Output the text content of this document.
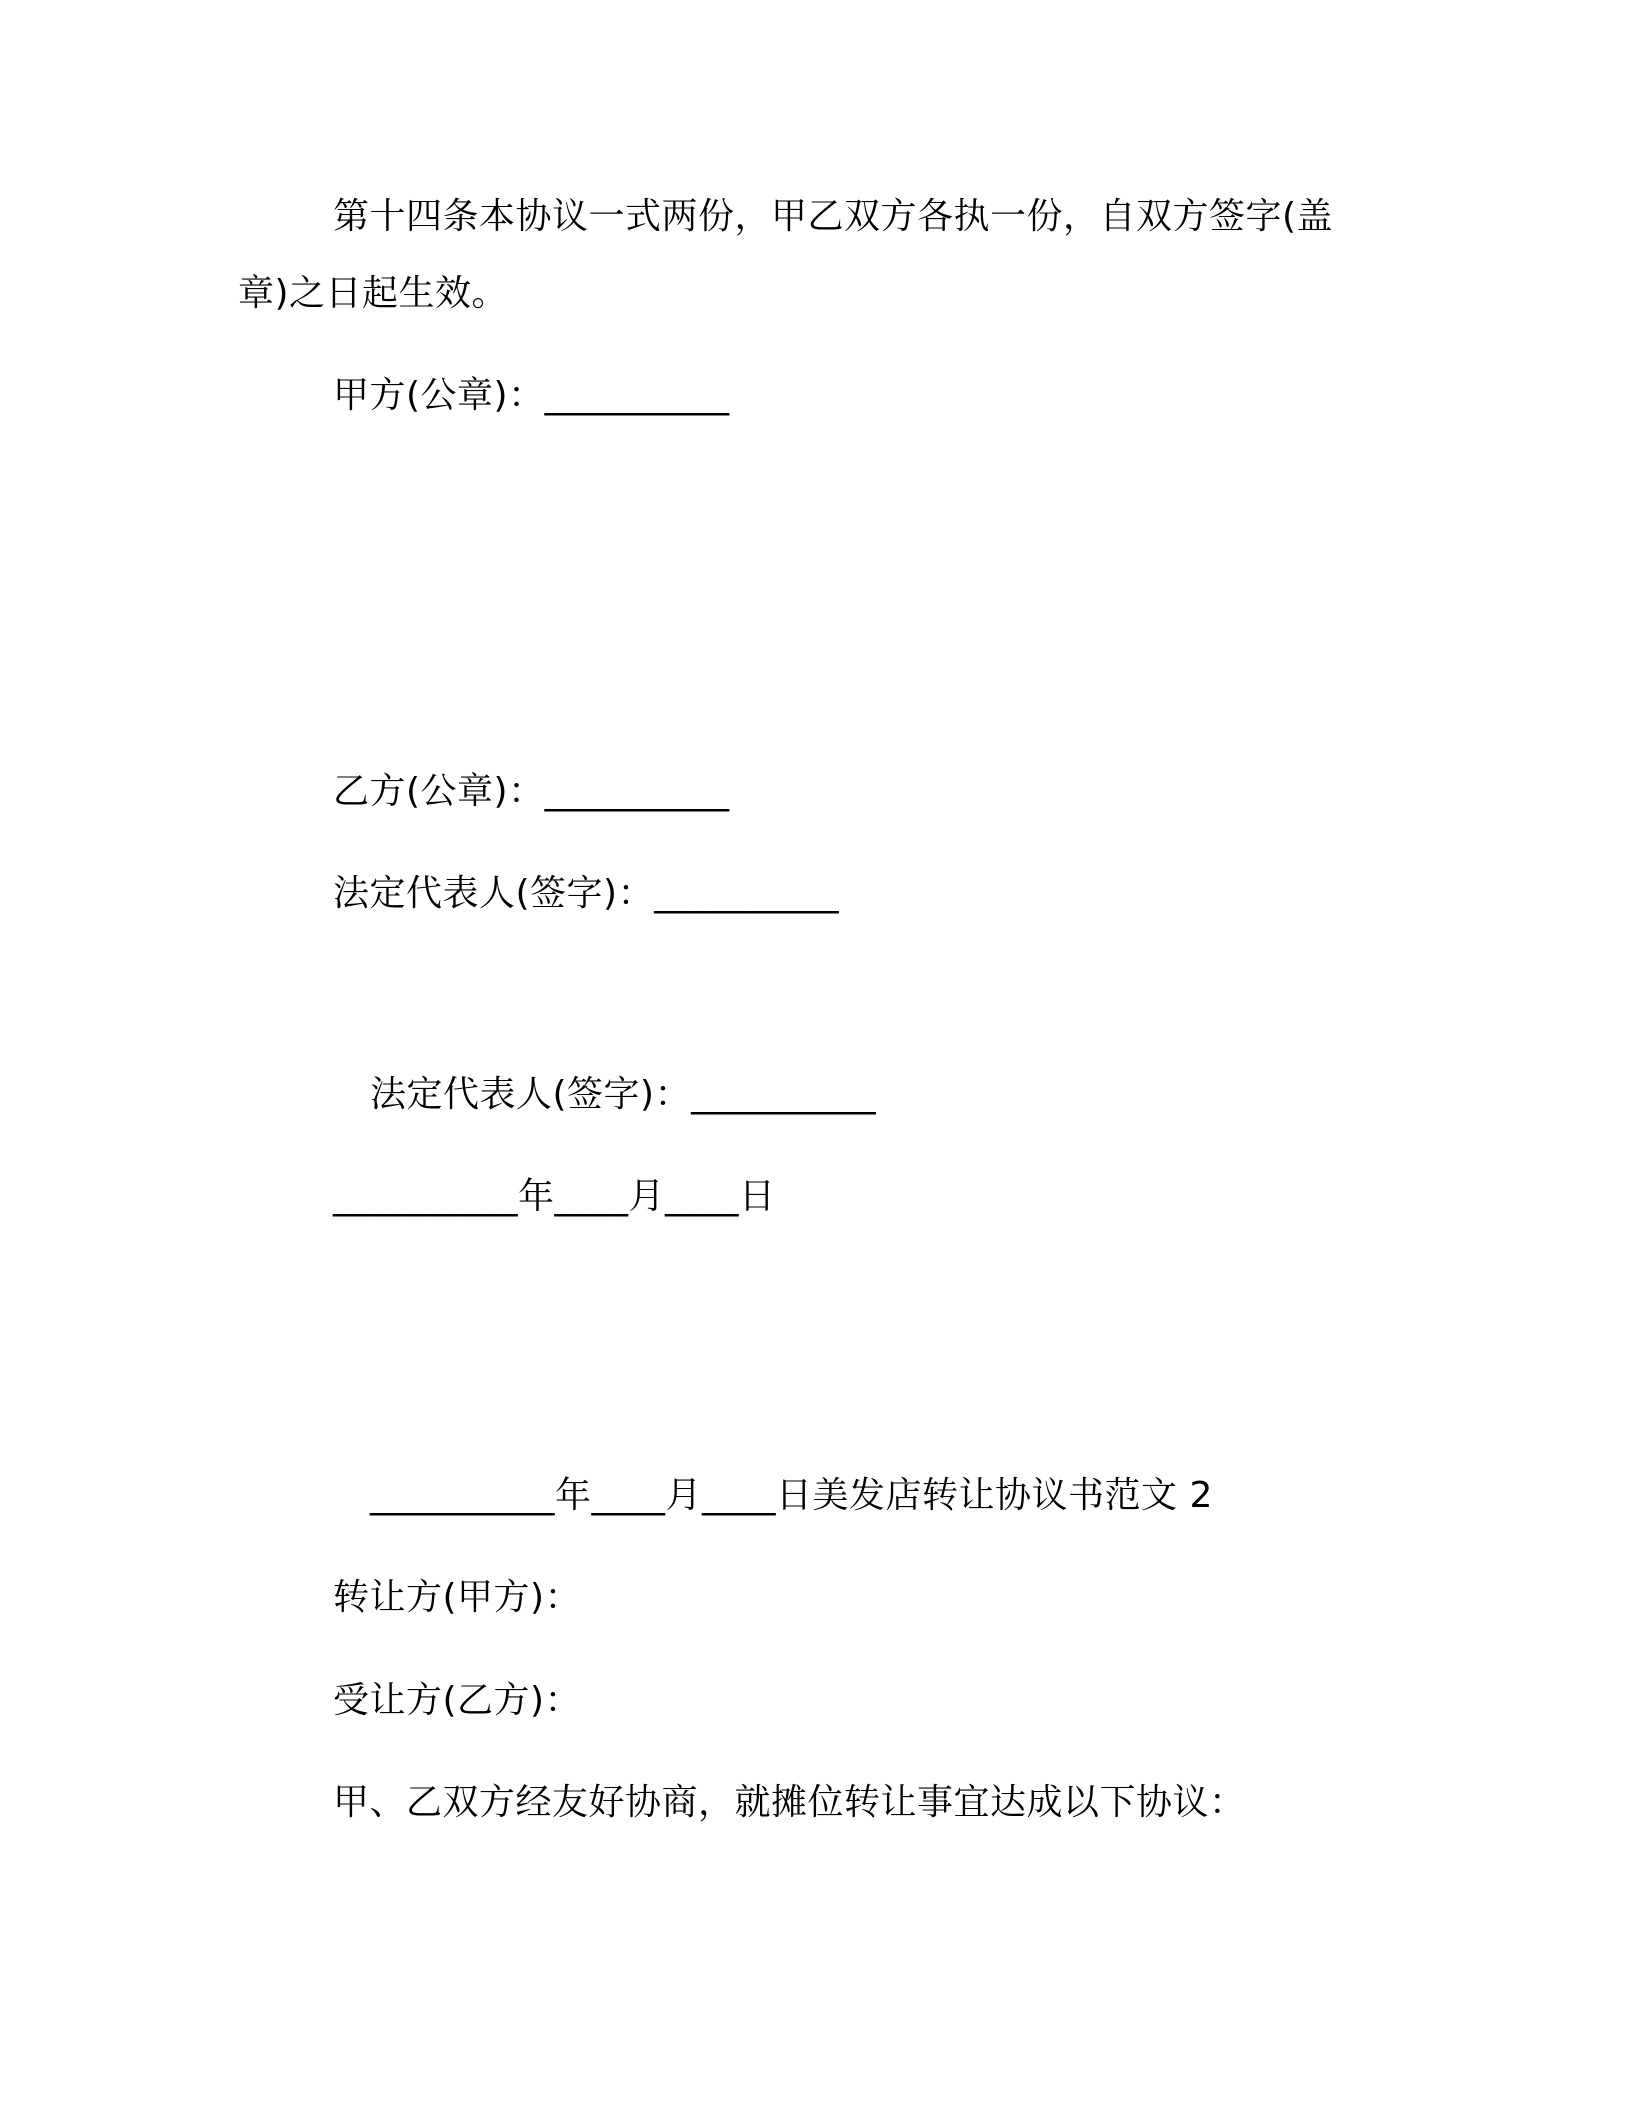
第十四条本协议一式两份，甲乙双方各执一份，自双方签字(盖
章)之日起生效。
甲方(公章)：__________
乙方(公章)：__________
法定代表人(签字)：__________
法定代表人(签字)：__________
__________年____月____日
__________年____月____日美发店转让协议书范文 2
转让方(甲方)：
受让方(乙方)：
甲、乙双方经友好协商，就摊位转让事宜达成以下协议：
